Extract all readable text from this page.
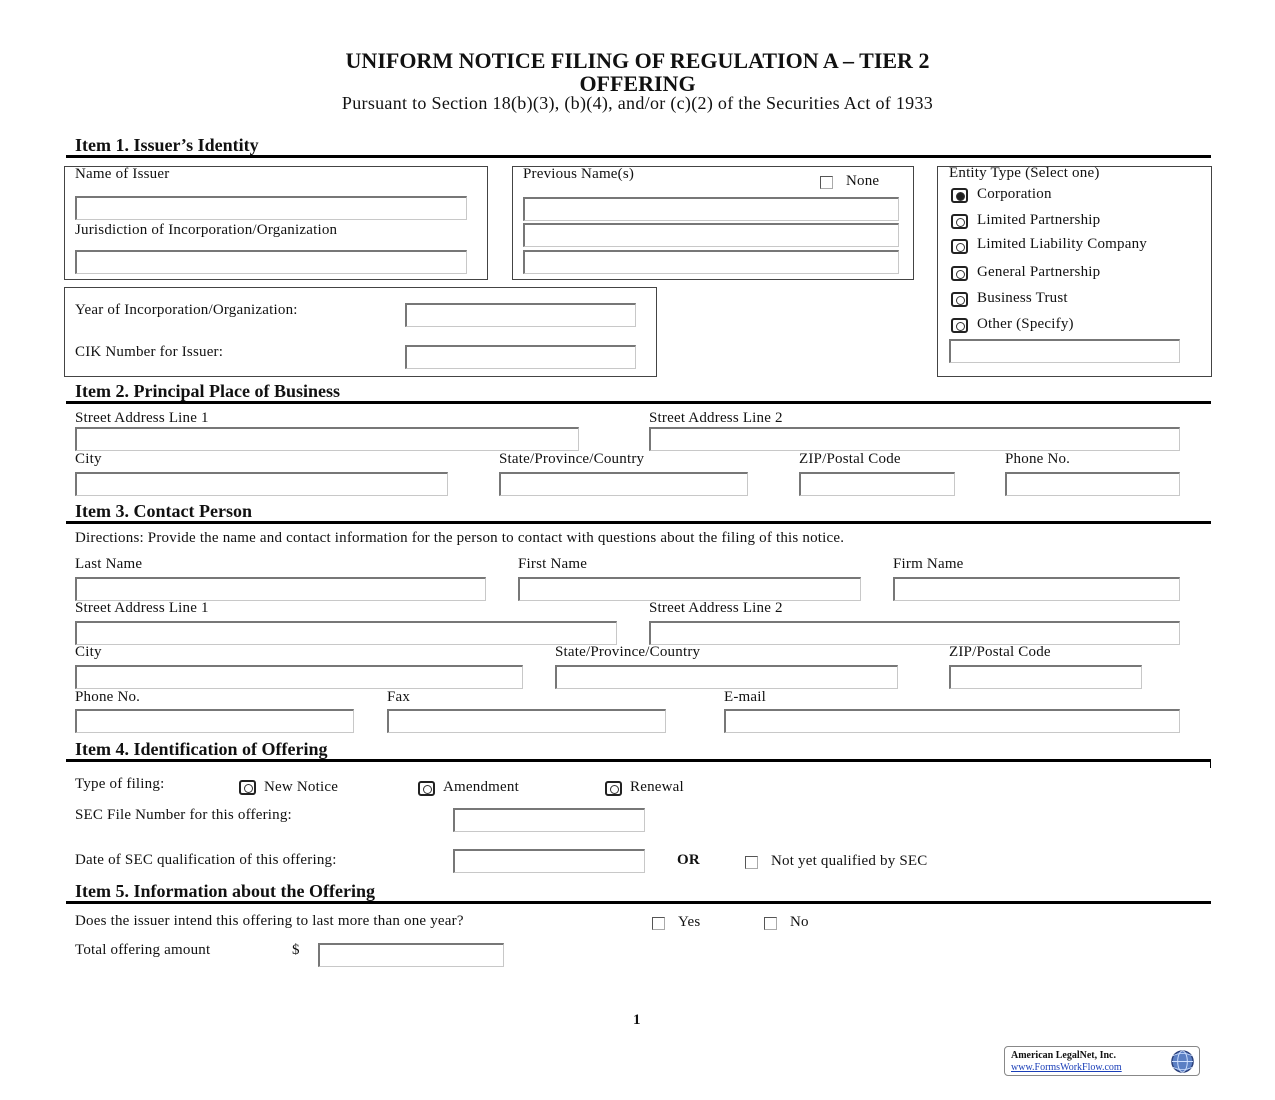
UNIFORM NOTICE FILING OF REGULATION A – TIER 2
OFFERING
Pursuant to Section 18(b)(3), (b)(4), and/or (c)(2) of the Securities Act of 1933
Item 1. Issuer’s Identity
Name of Issuer
Jurisdiction of Incorporation/Organization
Previous Name(s)	None	Entity Type (Select one)
Corporation
Limited Partnership
Limited Liability Company
General Partnership
Business Trust
Other (Specify)
Year of Incorporation/Organization:
CIK Number for Issuer:
Item 2. Principal Place of Business
Street Address Line 1	Street Address Line 2
City	State/Province/Country	ZIP/Postal Code	Phone No.
Item 3. Contact Person
Directions: Provide the name and contact information for the person to contact with questions about the filing of this notice.
Last Name	First Name	Firm Name
Street Address Line 1	Street Address Line 2
City	State/Province/Country	ZIP/Postal Code
Phone No.	Fax	E-mail
Item 4. Identification of Offering
Type of filing:	New Notice	Amendment	Renewal
SEC File Number for this offering:
Date of SEC qualification of this offering:	OR	Not yet qualified by SEC
Item 5. Information about the Offering
Does the issuer intend this offering to last more than one year?	Yes	No
Total offering amount	$
1
American LegalNet, Inc.
www.FormsWorkFlow.com
